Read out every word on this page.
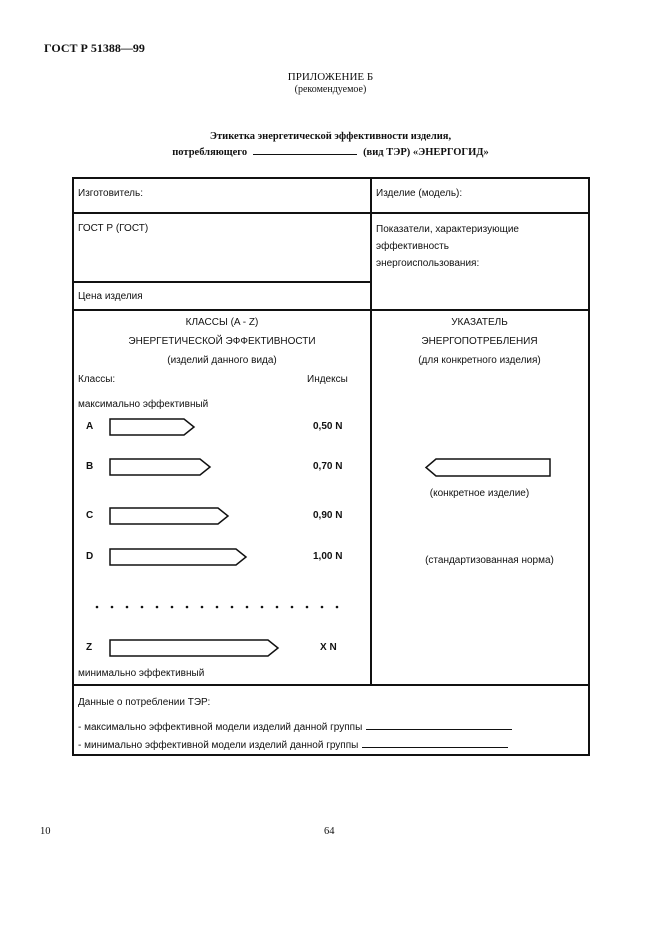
ГОСТ Р 51388—99
ПРИЛОЖЕНИЕ Б
(рекомендуемое)
Этикетка энергетической эффективности изделия,
потребляющего	(вид ТЭР) «ЭНЕРГОГИД»
Изготовитель:	Изделие (модель):
ГОСТ Р (ГОСТ)	Показатели, характеризующие
эффективность
энергоиспользования:
Цена изделия
КЛАССЫ (A - Z)
ЭНЕРГЕТИЧЕСКОЙ ЭФФЕКТИВНОСТИ
(изделий данного вида)
Классы:	Индексы
максимально эффективный
A	0,50 N
B	0,70 N
C	0,90 N
D	1,00 N
Z	X N
минимально эффективный
УКАЗАТЕЛЬ
ЭНЕРГОПОТРЕБЛЕНИЯ
(для конкретного изделия)
(конкретное изделие)
(стандартизованная норма)
Данные о потреблении ТЭР:
- максимально эффективной модели изделий данной группы
- минимально эффективной модели изделий данной группы
10	64
